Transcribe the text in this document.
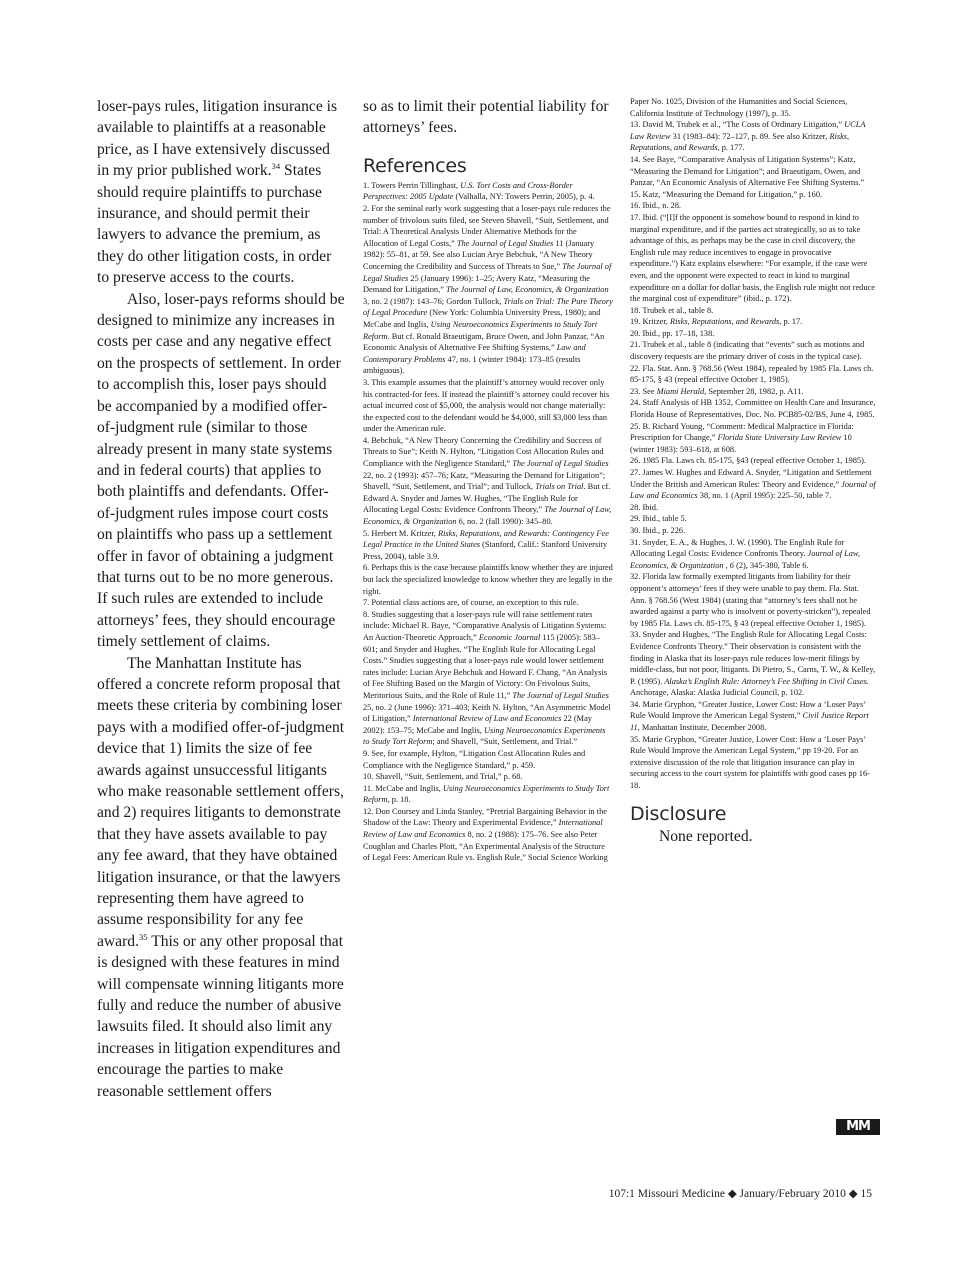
loser-pays rules, litigation insurance is available to plaintiffs at a reasonable price, as I have extensively discussed in my prior published work.$^{34}$ States should require plaintiffs to purchase insurance, and should permit their lawyers to advance the premium, as they do other litigation costs, in order to preserve access to the courts.

Also, loser-pays reforms should be designed to minimize any increases in costs per case and any negative effect on the prospects of settlement. In order to accomplish this, loser pays should be accompanied by a modified offer-of-judgment rule (similar to those already present in many state systems and in federal courts) that applies to both plaintiffs and defendants. Offer-of-judgment rules impose court costs on plaintiffs who pass up a settlement offer in favor of obtaining a judgment that turns out to be no more generous. If such rules are extended to include attorneys’ fees, they should encourage timely settlement of claims.

The Manhattan Institute has offered a concrete reform proposal that meets these criteria by combining loser pays with a modified offer-of-judgment device that 1) limits the size of fee awards against unsuccessful litigants who make reasonable settlement offers, and 2) requires litigants to demonstrate that they have assets available to pay any fee award, that they have obtained litigation insurance, or that the lawyers representing them have agreed to assume responsibility for any fee award.$^{35}$ This or any other proposal that is designed with these features in mind will compensate winning litigants more fully and reduce the number of abusive lawsuits filed. It should also limit any increases in litigation expenditures and encourage the parties to make reasonable settlement offers

so as to limit their potential liability for attorneys’ fees.

References

1. Towers Perrin Tillinghast, U.S. Tort Costs and Cross-Border Perspectives: 2005 Update (Valhalla, NY: Towers Perrin, 2005), p. 4.

2. For the seminal early work suggesting that a loser-pays rule reduces the number of frivolous suits filed, see Steven Shavell, “Suit, Settlement, and Trial: A Theoretical Analysis Under Alternative Methods for the Allocation of Legal Costs,” The Journal of Legal Studies 11 (January 1982): 55–81, at 59. See also Lucian Arye Bebchuk, “A New Theory Concerning the Credibility and Success of Threats to Sue,” The Journal of Legal Studies 25 (January 1996): 1–25; Avery Katz, “Measuring the Demand for Litigation,” The Journal of Law, Economics, & Organization 3, no. 2 (1987): 143–76; Gordon Tullock, Trials on Trial: The Pure Theory of Legal Procedure (New York: Columbia University Press, 1980); and McCabe and Inglis, Using Neuroeconomics Experiments to Study Tort Reform. But cf. Ronald Braeutigam, Bruce Owen, and John Panzar, “An Economic Analysis of Alternative Fee Shifting Systems,” Law and Contemporary Problems 47, no. 1 (winter 1984): 173–85 (results ambiguous).

3. This example assumes that the plaintiff’s attorney would recover only his contracted-for fees. If instead the plaintiff’s attorney could recover his actual incurred cost of $5,000, the analysis would not change materially: the expected cost to the defendant would be $4,000, still $3,000 less than under the American rule.

4. Bebchuk, “A New Theory Concerning the Credibility and Success of Threats to Sue”; Keith N. Hylton, “Litigation Cost Allocation Rules and Compliance with the Negligence Standard,” The Journal of Legal Studies 22, no. 2 (1993): 457–76; Katz, “Measuring the Demand for Litigation”; Shavell, “Suit, Settlement, and Trial”; and Tullock, Trials on Trial. But cf. Edward A. Snyder and James W. Hughes, “The English Rule for Allocating Legal Costs: Evidence Confronts Theory,” The Journal of Law, Economics, & Organization 6, no. 2 (fall 1990): 345–80.

5. Herbert M. Kritzer, Risks, Reputations, and Rewards: Contingency Fee Legal Practice in the United States (Stanford, Calif.: Stanford University Press, 2004), table 3.9.

6. Perhaps this is the case because plaintiffs know whether they are injured but lack the specialized knowledge to know whether they are legally in the right.

7. Potential class actions are, of course, an exception to this rule.

8. Studies suggesting that a loser-pays rule will raise settlement rates include: Michael R. Baye, “Comparative Analysis of Litigation Systems: An Auction-Theoretic Approach,” Economic Journal 115 (2005): 583–601; and Snyder and Hughes, “The English Rule for Allocating Legal Costs.” Studies suggesting that a loser-pays rule would lower settlement rates include: Lucian Arye Bebchuk and Howard F. Chang, “An Analysis of Fee Shifting Based on the Margin of Victory: On Frivolous Suits, Meritorious Suits, and the Role of Rule 11,” The Journal of Legal Studies 25, no. 2 (June 1996): 371–403; Keith N. Hylton, “An Asymmetric Model of Litigation,” International Review of Law and Economics 22 (May 2002): 153–75; McCabe and Inglis, Using Neuroeconomics Experiments to Study Tort Reform; and Shavell, “Suit, Settlement, and Trial.”

9. See, for example, Hylton, “Litigation Cost Allocation Rules and Compliance with the Negligence Standard,” p. 459.

10. Shavell, “Suit, Settlement, and Trial,” p. 68.

11. McCabe and Inglis, Using Neuroeconomics Experiments to Study Tort Reform, p. 18.

12. Don Coursey and Linda Stanley, “Pretrial Bargaining Behavior in the Shadow of the Law: Theory and Experimental Evidence,” International Review of Law and Economics 8, no. 2 (1988): 175–76. See also Peter Coughlan and Charles Plott, “An Experimental Analysis of the Structure of Legal Fees: American Rule vs. English Rule,” Social Science Working

Paper No. 1025, Division of the Humanities and Social Sciences, California Institute of Technology (1997), p. 35.

13. David M. Trubek et al., “The Costs of Ordinary Litigation,” UCLA Law Review 31 (1983–84): 72–127, p. 89. See also Kritzer, Risks, Reputations, and Rewards, p. 177.

14. See Baye, “Comparative Analysis of Litigation Systems”; Katz, “Measuring the Demand for Litigation”; and Braeutigam, Owen, and Panzar, “An Economic Analysis of Alternative Fee Shifting Systems.”

15. Katz, “Measuring the Demand for Litigation,” p. 160.

16. Ibid., n. 28.

17. Ibid. (“[I]f the opponent is somehow bound to respond in kind to marginal expenditure, and if the parties act strategically, so as to take advantage of this, as perhaps may be the case in civil discovery, the English rule may reduce incentives to engage in provocative expenditure.”) Katz explains elsewhere: “For example, if the case were even, and the opponent were expected to react in kind to marginal expenditure on a dollar for dollar basis, the English rule might not reduce the marginal cost of expenditure” (ibid., p. 172).

18. Trubek et al., table 8.

19. Kritzer, Risks, Reputations, and Rewards, p. 17.

20. Ibid., pp. 17–18, 138.

21. Trubek et al., table 8 (indicating that “events” such as motions and discovery requests are the primary driver of costs in the typical case).

22. Fla. Stat. Ann. § 768.56 (West 1984), repealed by 1985 Fla. Laws ch. 85-175, § 43 (repeal effective October 1, 1985).

23. See Miami Herald, September 28, 1982, p. A11.

24. Staff Analysis of HB 1352, Committee on Health Care and Insurance, Florida House of Representatives, Doc. No. PCB85-02/BS, June 4, 1985.

25. B. Richard Young, “Comment: Medical Malpractice in Florida: Prescription for Change,” Florida State University Law Review 10 (winter 1983): 593–618, at 608.

26. 1985 Fla. Laws ch. 85-175, §43 (repeal effective October 1, 1985).

27. James W. Hughes and Edward A. Snyder, “Litigation and Settlement Under the British and American Rules: Theory and Evidence,” Journal of Law and Economics 38, no. 1 (April 1995): 225–50, table 7.

28. Ibid.

29. Ibid., table 5.

30. Ibid., p. 226.

31. Snyder, E. A., & Hughes, J. W. (1990). The English Rule for Allocating Legal Costs: Evidence Confronts Theory. Journal of Law, Economics, & Organization , 6 (2), 345-380, Table 6.

32. Florida law formally exempted litigants from liability for their opponent’s attorneys’ fees if they were unable to pay them. Fla. Stat. Ann. § 768.56 (West 1984) (stating that “attorney’s fees shall not be awarded against a party who is insolvent or poverty-stricken”), repealed by 1985 Fla. Laws ch. 85-175, § 43 (repeal effective October 1, 1985).

33. Snyder and Hughes, “The English Rule for Allocating Legal Costs: Evidence Confronts Theory.” Their observation is consistent with the finding in Alaska that its loser-pays rule reduces low-merit filings by middle-class, but not poor, litigants. Di Pietro, S., Carns, T. W., & Kelley, P. (1995). Alaska’s English Rule: Attorney’s Fee Shifting in Civil Cases. Anchorage, Alaska: Alaska Judicial Council, p. 102.

34. Marie Gryphon, “Greater Justice, Lower Cost: How a ‘Loser Pays’ Rule Would Improve the American Legal System,” Civil Justice Report 11, Manhattan Institute, December 2008.

35. Marie Gryphon, “Greater Justice, Lower Cost: How a ‘Loser Pays’ Rule Would Improve the American Legal System,” pp 19-20. For an extensive discussion of the role that litigation insurance can play in securing access to the court system for plaintiffs with good cases pp 16-18.

Disclosure

None reported.

MM
107:1 Missouri Medicine ◆ January/February 2010 ◆ 15
